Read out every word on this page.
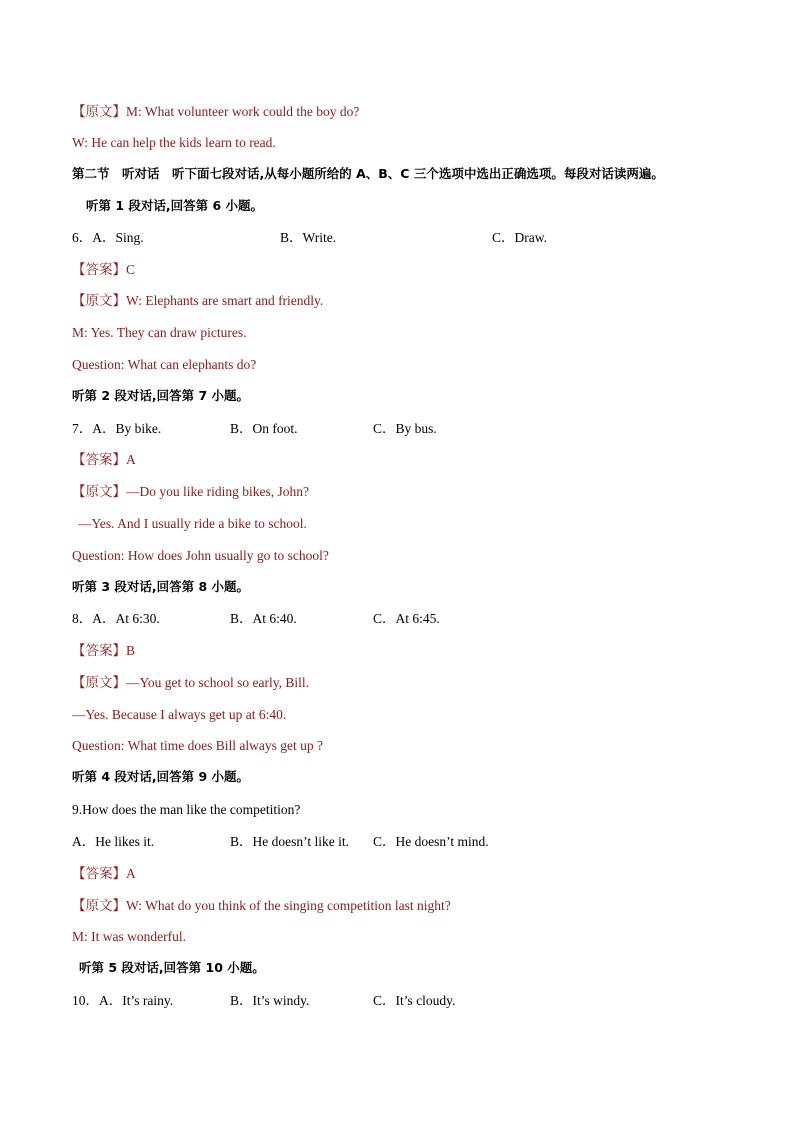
【原文】M: What volunteer work could the boy do?
W: He can help the kids learn to read.
第二节　听对话　听下面七段对话,从每小题所给的 A、B、C 三个选项中选出正确选项。每段对话读两遍。
听第 1 段对话,回答第 6 小题。
6．A．Sing.	B．Write.	C．Draw.
【答案】C
【原文】W: Elephants are smart and friendly.
M: Yes. They can draw pictures.
Question: What can elephants do?
听第 2 段对话,回答第 7 小题。
7．A．By bike.	B．On foot.	C．By bus.
【答案】A
【原文】—Do you like riding bikes, John?
—Yes. And I usually ride a bike to school.
Question: How does John usually go to school?
听第 3 段对话,回答第 8 小题。
8．A．At 6:30.	B．At 6:40.	C．At 6:45.
【答案】B
【原文】—You get to school so early, Bill.
—Yes. Because I always get up at 6:40.
Question: What time does Bill always get up ?
听第 4 段对话,回答第 9 小题。
9.How does the man like the competition?
A．He likes it.	B．He doesn’t like it. C．He doesn’t mind.
【答案】A
【原文】W: What do you think of the singing competition last night?
M: It was wonderful.
听第 5 段对话,回答第 10 小题。
10．A．It’s rainy.	B．It’s windy.	C．It’s cloudy.
